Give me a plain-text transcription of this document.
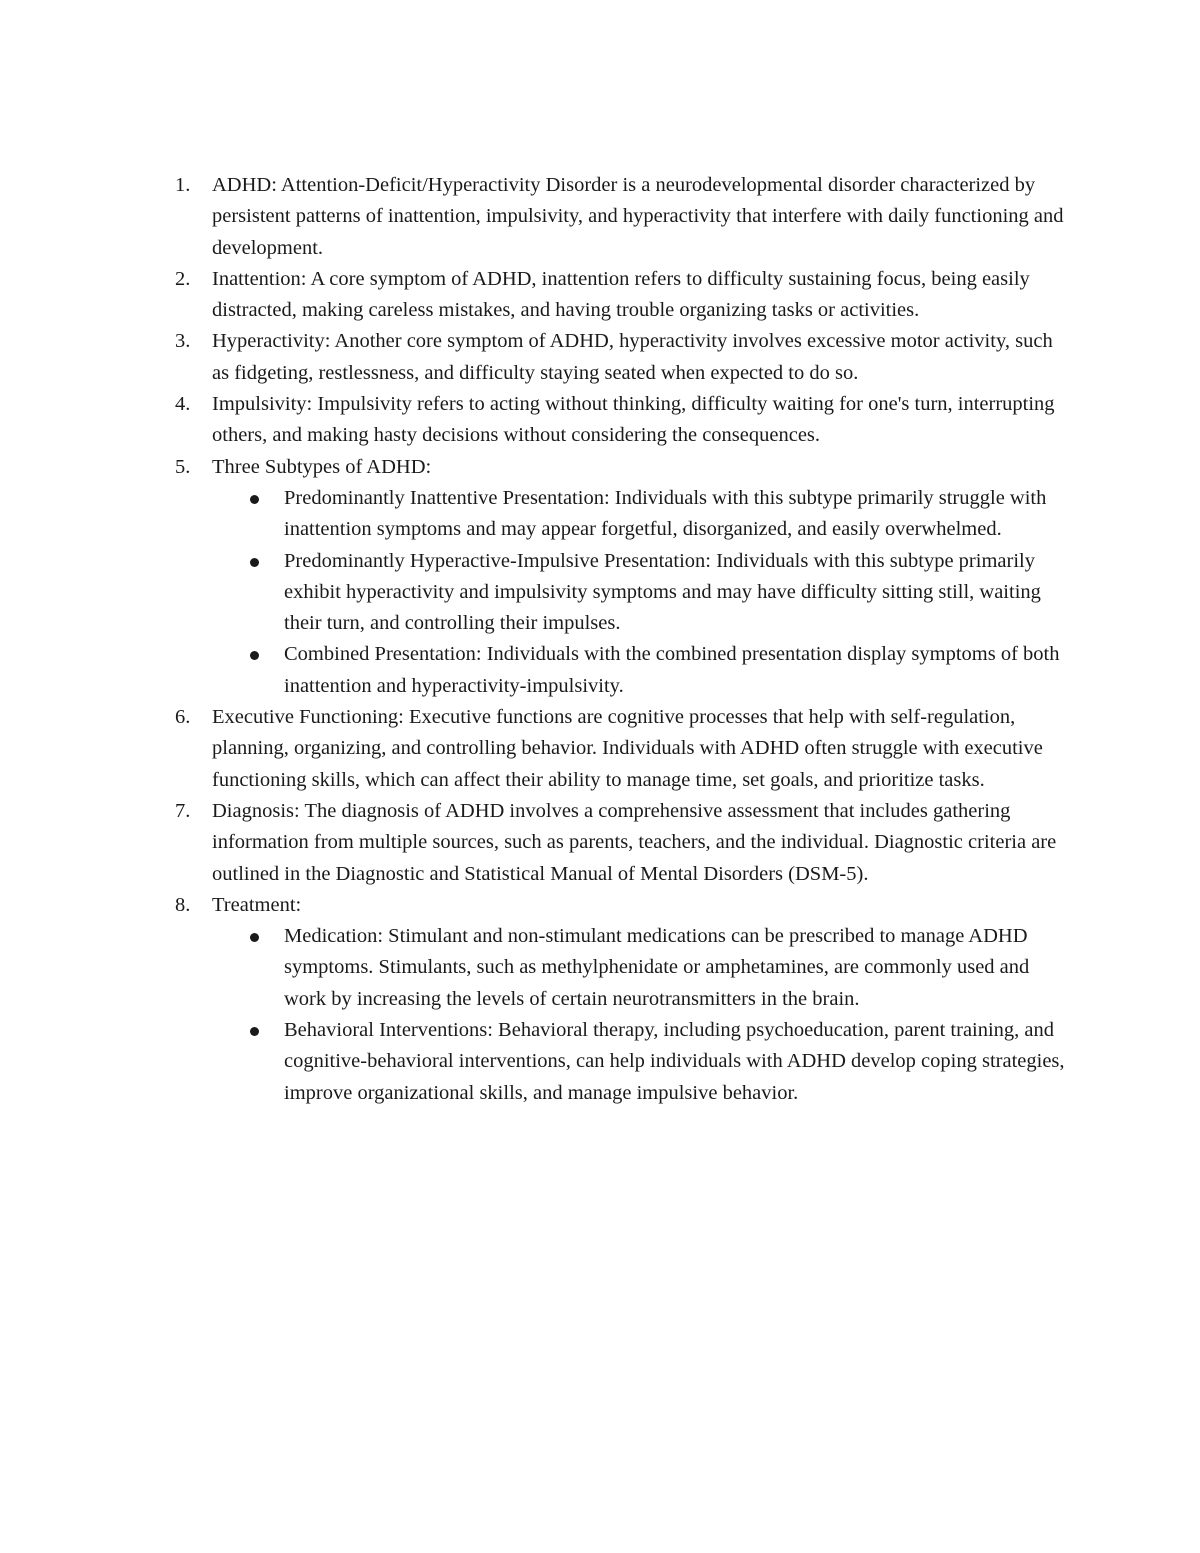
1.	ADHD: Attention-Deficit/Hyperactivity Disorder is a neurodevelopmental disorder characterized by persistent patterns of inattention, impulsivity, and hyperactivity that interfere with daily functioning and development.
2.	Inattention: A core symptom of ADHD, inattention refers to difficulty sustaining focus, being easily distracted, making careless mistakes, and having trouble organizing tasks or activities.
3.	Hyperactivity: Another core symptom of ADHD, hyperactivity involves excessive motor activity, such as fidgeting, restlessness, and difficulty staying seated when expected to do so.
4.	Impulsivity: Impulsivity refers to acting without thinking, difficulty waiting for one's turn, interrupting others, and making hasty decisions without considering the consequences.
5.	Three Subtypes of ADHD:
Predominantly Inattentive Presentation: Individuals with this subtype primarily struggle with inattention symptoms and may appear forgetful, disorganized, and easily overwhelmed.
Predominantly Hyperactive-Impulsive Presentation: Individuals with this subtype primarily exhibit hyperactivity and impulsivity symptoms and may have difficulty sitting still, waiting their turn, and controlling their impulses.
Combined Presentation: Individuals with the combined presentation display symptoms of both inattention and hyperactivity-impulsivity.
6.	Executive Functioning: Executive functions are cognitive processes that help with self-regulation, planning, organizing, and controlling behavior. Individuals with ADHD often struggle with executive functioning skills, which can affect their ability to manage time, set goals, and prioritize tasks.
7.	Diagnosis: The diagnosis of ADHD involves a comprehensive assessment that includes gathering information from multiple sources, such as parents, teachers, and the individual. Diagnostic criteria are outlined in the Diagnostic and Statistical Manual of Mental Disorders (DSM-5).
8.	Treatment:
Medication: Stimulant and non-stimulant medications can be prescribed to manage ADHD symptoms. Stimulants, such as methylphenidate or amphetamines, are commonly used and work by increasing the levels of certain neurotransmitters in the brain.
Behavioral Interventions: Behavioral therapy, including psychoeducation, parent training, and cognitive-behavioral interventions, can help individuals with ADHD develop coping strategies, improve organizational skills, and manage impulsive behavior.
